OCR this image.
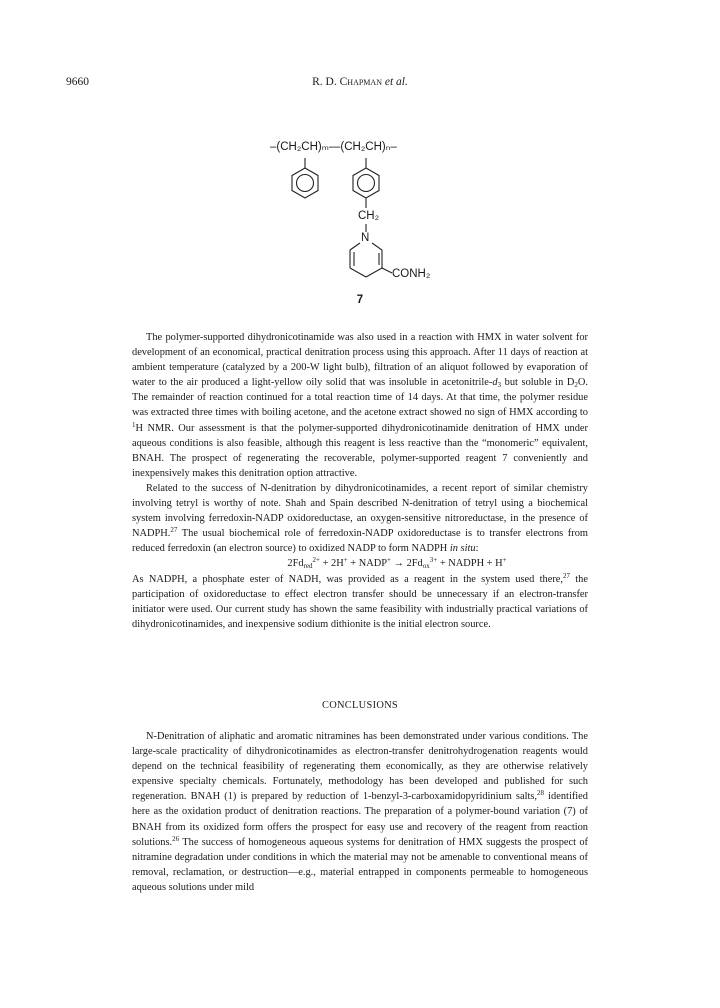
9660	R. D. Chapman et al.
–(CH₂CH)ₘ—(CH₂CH)ₙ–
CH₂
N
CONH₂
7

The polymer-supported dihydronicotinamide was also used in a reaction with HMX in water solvent for development of an economical, practical denitration process using this approach. After 11 days of reaction at ambient temperature (catalyzed by a 200-W light bulb), filtration of an aliquot followed by evaporation of water to the air produced a light-yellow oily solid that was insoluble in acetonitrile-$d_3$ but soluble in $D_2O$. The remainder of reaction continued for a total reaction time of 14 days. At that time, the polymer residue was extracted three times with boiling acetone, and the acetone extract showed no sign of HMX according to $^1$H NMR. Our assessment is that the polymer-supported dihydronicotinamide denitration of HMX under aqueous conditions is also feasible, although this reagent is less reactive than the “monomeric” equivalent, BNAH. The prospect of regenerating the recoverable, polymer-supported reagent 7 conveniently and inexpensively makes this denitration option attractive.

Related to the success of N-denitration by dihydronicotinamides, a recent report of similar chemistry involving tetryl is worthy of note. Shah and Spain described N-denitration of tetryl using a biochemical system involving ferredoxin-NADP oxidoreductase, an oxygen-sensitive nitroreductase, in the presence of NADPH.$^{27}$ The usual biochemical role of ferredoxin-NADP oxidoreductase is to transfer electrons from reduced ferredoxin (an electron source) to oxidized NADP to form NADPH in situ:

$2Fd_{red}^{2+} + 2H^+$ + NADP+ → $2Fd_{ox}^{3+}$ + NADPH + H+

As NADPH, a phosphate ester of NADH, was provided as a reagent in the system used there,$^{27}$ the participation of oxidoreductase to effect electron transfer should be unnecessary if an electron-transfer initiator were used. Our current study has shown the same feasibility with industrially practical variations of dihydronicotinamides, and inexpensive sodium dithionite is the initial electron source.

CONCLUSIONS

N-Denitration of aliphatic and aromatic nitramines has been demonstrated under various conditions. The large-scale practicality of dihydronicotinamides as electron-transfer denitrohydrogenation reagents would depend on the technical feasibility of regenerating them economically, as they are otherwise relatively expensive specialty chemicals. Fortunately, methodology has been developed and published for such regeneration. BNAH (1) is prepared by reduction of 1-benzyl-3-carboxamidopyridinium salts,$^{28}$ identified here as the oxidation product of denitration reactions. The preparation of a polymer-bound variation (7) of BNAH from its oxidized form offers the prospect for easy use and recovery of the reagent from reaction solutions.$^{26}$ The success of homogeneous aqueous systems for denitration of HMX suggests the prospect of nitramine degradation under conditions in which the material may not be amenable to conventional means of removal, reclamation, or destruction—e.g., material entrapped in components permeable to homogeneous aqueous solutions under mild
